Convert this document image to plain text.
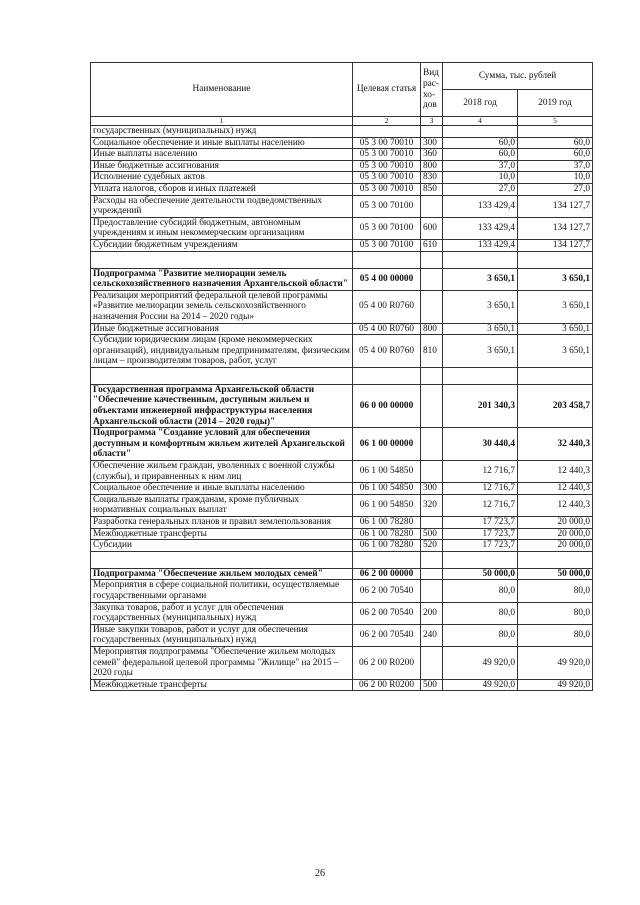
Наименование	Целевая статья	Вид рас-хо-дов	Сумма, тыс. рублей	
			2018 год	2019 год
1	2	3	4	5
государственных (муниципальных) нужд				
Социальное обеспечение и иные выплаты населению	05 3 00 70010	300	60,0	60,0
Иные выплаты населению	05 3 00 70010	360	60,0	60,0
Иные бюджетные ассигнования	05 3 00 70010	800	37,0	37,0
Исполнение судебных актов	05 3 00 70010	830	10,0	10,0
Уплата налогов, сборов и иных платежей	05 3 00 70010	850	27,0	27,0
Расходы на обеспечение деятельности подведомственных учреждений	05 3 00 70100		133 429,4	134 127,7
Предоставление субсидий бюджетным, автономным учреждениям и иным некоммерческим организациям	05 3 00 70100	600	133 429,4	134 127,7
Субсидии бюджетным учреждениям	05 3 00 70100	610	133 429,4	134 127,7

Подпрограмма "Развитие мелиорации земель сельскохозяйственного назначения Архангельской области"	05 4 00 00000		3 650,1	3 650,1
Реализация мероприятий федеральной целевой программы «Развитие мелиорации земель сельскохозяйственного назначения России на 2014 – 2020 годы»	05 4 00 R0760		3 650,1	3 650,1
Иные бюджетные ассигнования	05 4 00 R0760	800	3 650,1	3 650,1
Субсидии юридическим лицам (кроме некоммерческих организаций), индивидуальным предпринимателям, физическим лицам – производителям товаров, работ, услуг	05 4 00 R0760	810	3 650,1	3 650,1

Государственная программа Архангельской области "Обеспечение качественным, доступным жильем и объектами инженерной инфраструктуры населения Архангельской области (2014 – 2020 годы)"	06 0 00 00000		201 340,3	203 458,7
Подпрограмма "Создание условий для обеспечения доступным и комфортным жильем жителей Архангельской области"	06 1 00 00000		30 440,4	32 440,3
Обеспечение жильем граждан, уволенных с военной службы (службы), и приравненных к ним лиц	06 1 00 54850		12 716,7	12 440,3
Социальное обеспечение и иные выплаты населению	06 1 00 54850	300	12 716,7	12 440,3
Социальные выплаты гражданам, кроме публичных нормативных социальных выплат	06 1 00 54850	320	12 716,7	12 440,3
Разработка генеральных планов и правил землепользования	06 1 00 78280		17 723,7	20 000,0
Межбюджетные трансферты	06 1 00 78280	500	17 723,7	20 000,0
Субсидии	06 1 00 78280	520	17 723,7	20 000,0

Подпрограмма "Обеспечение жильем молодых семей"	06 2 00 00000		50 000,0	50 000,0
Мероприятия в сфере социальной политики, осуществляемые государственными органами	06 2 00 70540		80,0	80,0
Закупка товаров, работ и услуг для обеспечения государственных (муниципальных) нужд	06 2 00 70540	200	80,0	80,0
Иные закупки товаров, работ и услуг для обеспечения государственных (муниципальных) нужд	06 2 00 70540	240	80,0	80,0
Мероприятия подпрограммы "Обеспечение жильем молодых семей" федеральной целевой программы "Жилище" на 2015 – 2020 годы	06 2 00 R0200		49 920,0	49 920,0
Межбюджетные трансферты	06 2 00 R0200	500	49 920,0	49 920,0
26
